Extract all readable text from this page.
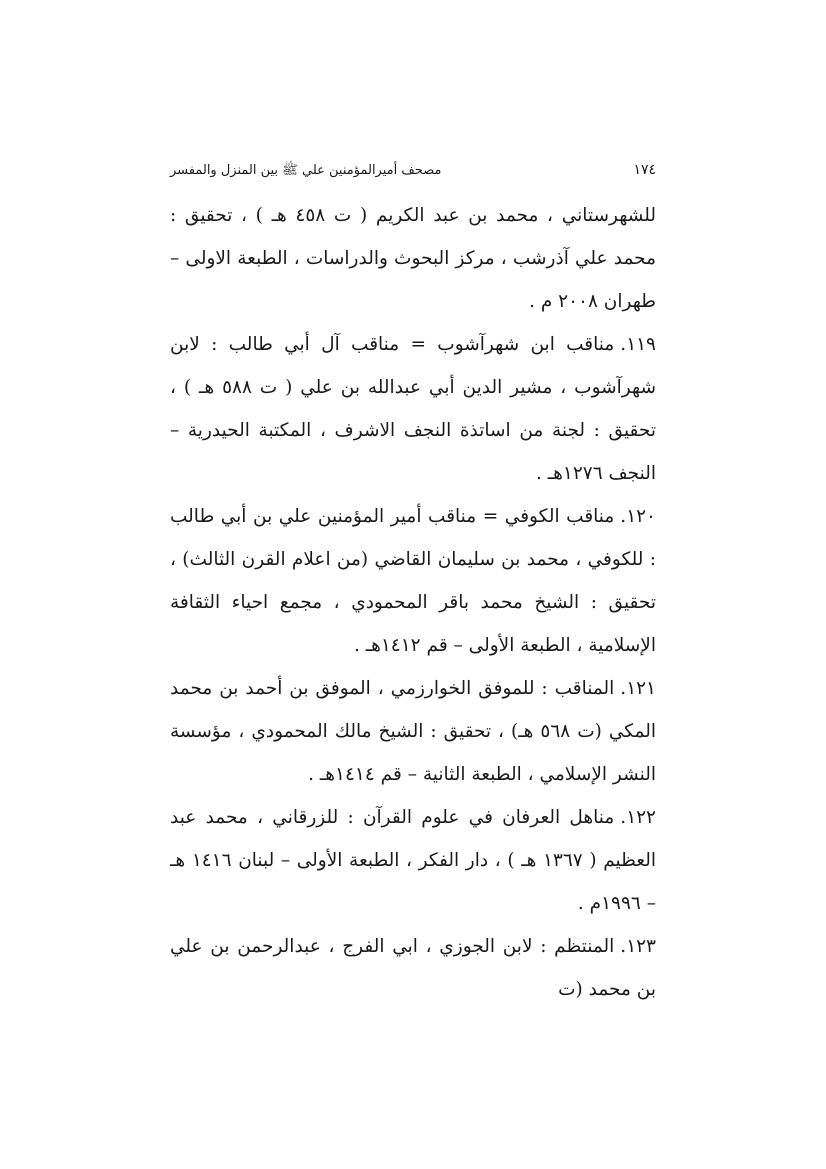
١٧٤
مصحف أميرالمؤمنين علي ﷺ بين المنزل والمفسر

للشهرستاني ، محمد بن عبد الكريم ( ت ٤٥٨ هـ ) ، تحقيق : محمد علي آذرشب ، مركز البحوث والدراسات ، الطبعة الاولى – طهران ٢٠٠٨ م .

١١٩.مناقب ابن شهرآشوب = مناقب آل أبي طالب : لابن شهرآشوب ، مشير الدين أبي عبدالله بن علي ( ت ٥٨٨ هـ ) ، تحقيق : لجنة من اساتذة النجف الاشرف ، المكتبة الحيدرية – النجف ١٢٧٦هـ .

١٢٠.مناقب الكوفي = مناقب أمير المؤمنين علي بن أبي طالب : للكوفي ، محمد بن سليمان القاضي (من اعلام القرن الثالث) ، تحقيق : الشيخ محمد باقر المحمودي ، مجمع احياء الثقافة الإسلامية ، الطبعة الأولى – قم ١٤١٢هـ .

١٢١.المناقب : للموفق الخوارزمي ، الموفق بن أحمد بن محمد المكي (ت ٥٦٨ هـ) ، تحقيق : الشيخ مالك المحمودي ، مؤسسة النشر الإسلامي ، الطبعة الثانية – قم ١٤١٤هـ .

١٢٢.مناهل العرفان في علوم القرآن : للزرقاني ، محمد عبد العظيم ( ١٣٦٧ هـ ) ، دار الفكر ، الطبعة الأولى – لبنان ١٤١٦ هـ – ١٩٩٦م .

١٢٣.المنتظم : لابن الجوزي ، ابي الفرج ، عبدالرحمن بن علي بن محمد (ت
